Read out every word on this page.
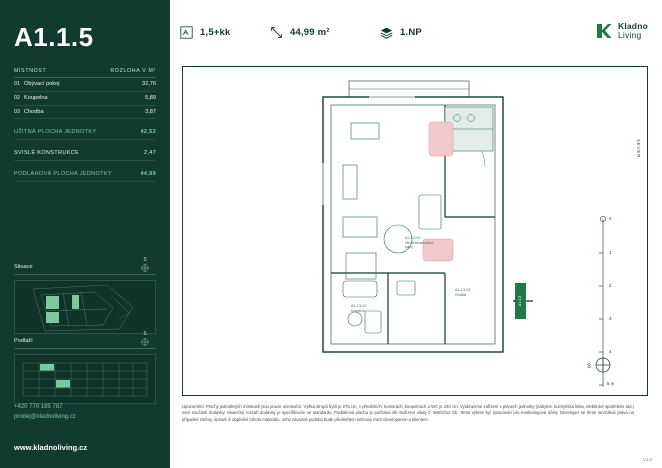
A1.1.5
MÍSTNOST	ROZLOHA V M²
01 Obývací pokoj	32,76
02 Koupelna	5,89
03 Chodba	3,87
UŽITNÁ PLOCHA JEDNOTKY	42,52
SVISLÉ KONSTRUKCE	2,47
PODLAHOVÁ PLOCHA JEDNOTKY	44,99
Situace
S
Podlaží
S
+420 770 185 787
prodej@kladnoliving.cz
www.kladnoliving.cz
1,5+kk	44,99 m²	1.NP
Kladno
Living
A1.1.5.01
Ob\u00fdvac\u00ed
pokoj
A1.1.5.02
Koupelna
A1.1.5.03
Chodba
S
A1.1.5
0
1
2
3
4
5 m
SEVER
Upozornění: Plochy jednotlivých místností jsou pouze orientační. Výška stropů bytů je 275 cm, v předsíních, komorách, koupelnách a WC je 240 cm. Vyobrazené zařízení v plánech jednotky (nábytek, kuchyňská linka, elektrické spotřebiče atd.) není součástí dodávky. Skutečný rozsah dodávky je specifikován ve standardu. Podlahová plocha je počítána dle Nařízení vlády č. 366/2013 Sb. Tento výkres byl zpracován pro marketingové účely. Developer se tímto nevzdává práva na případné změny, úpravě či doplnění tohoto materiálu. Jeho závazná podoba bude předmětem smlouvy mezi developerem a klientem.
V1.0
